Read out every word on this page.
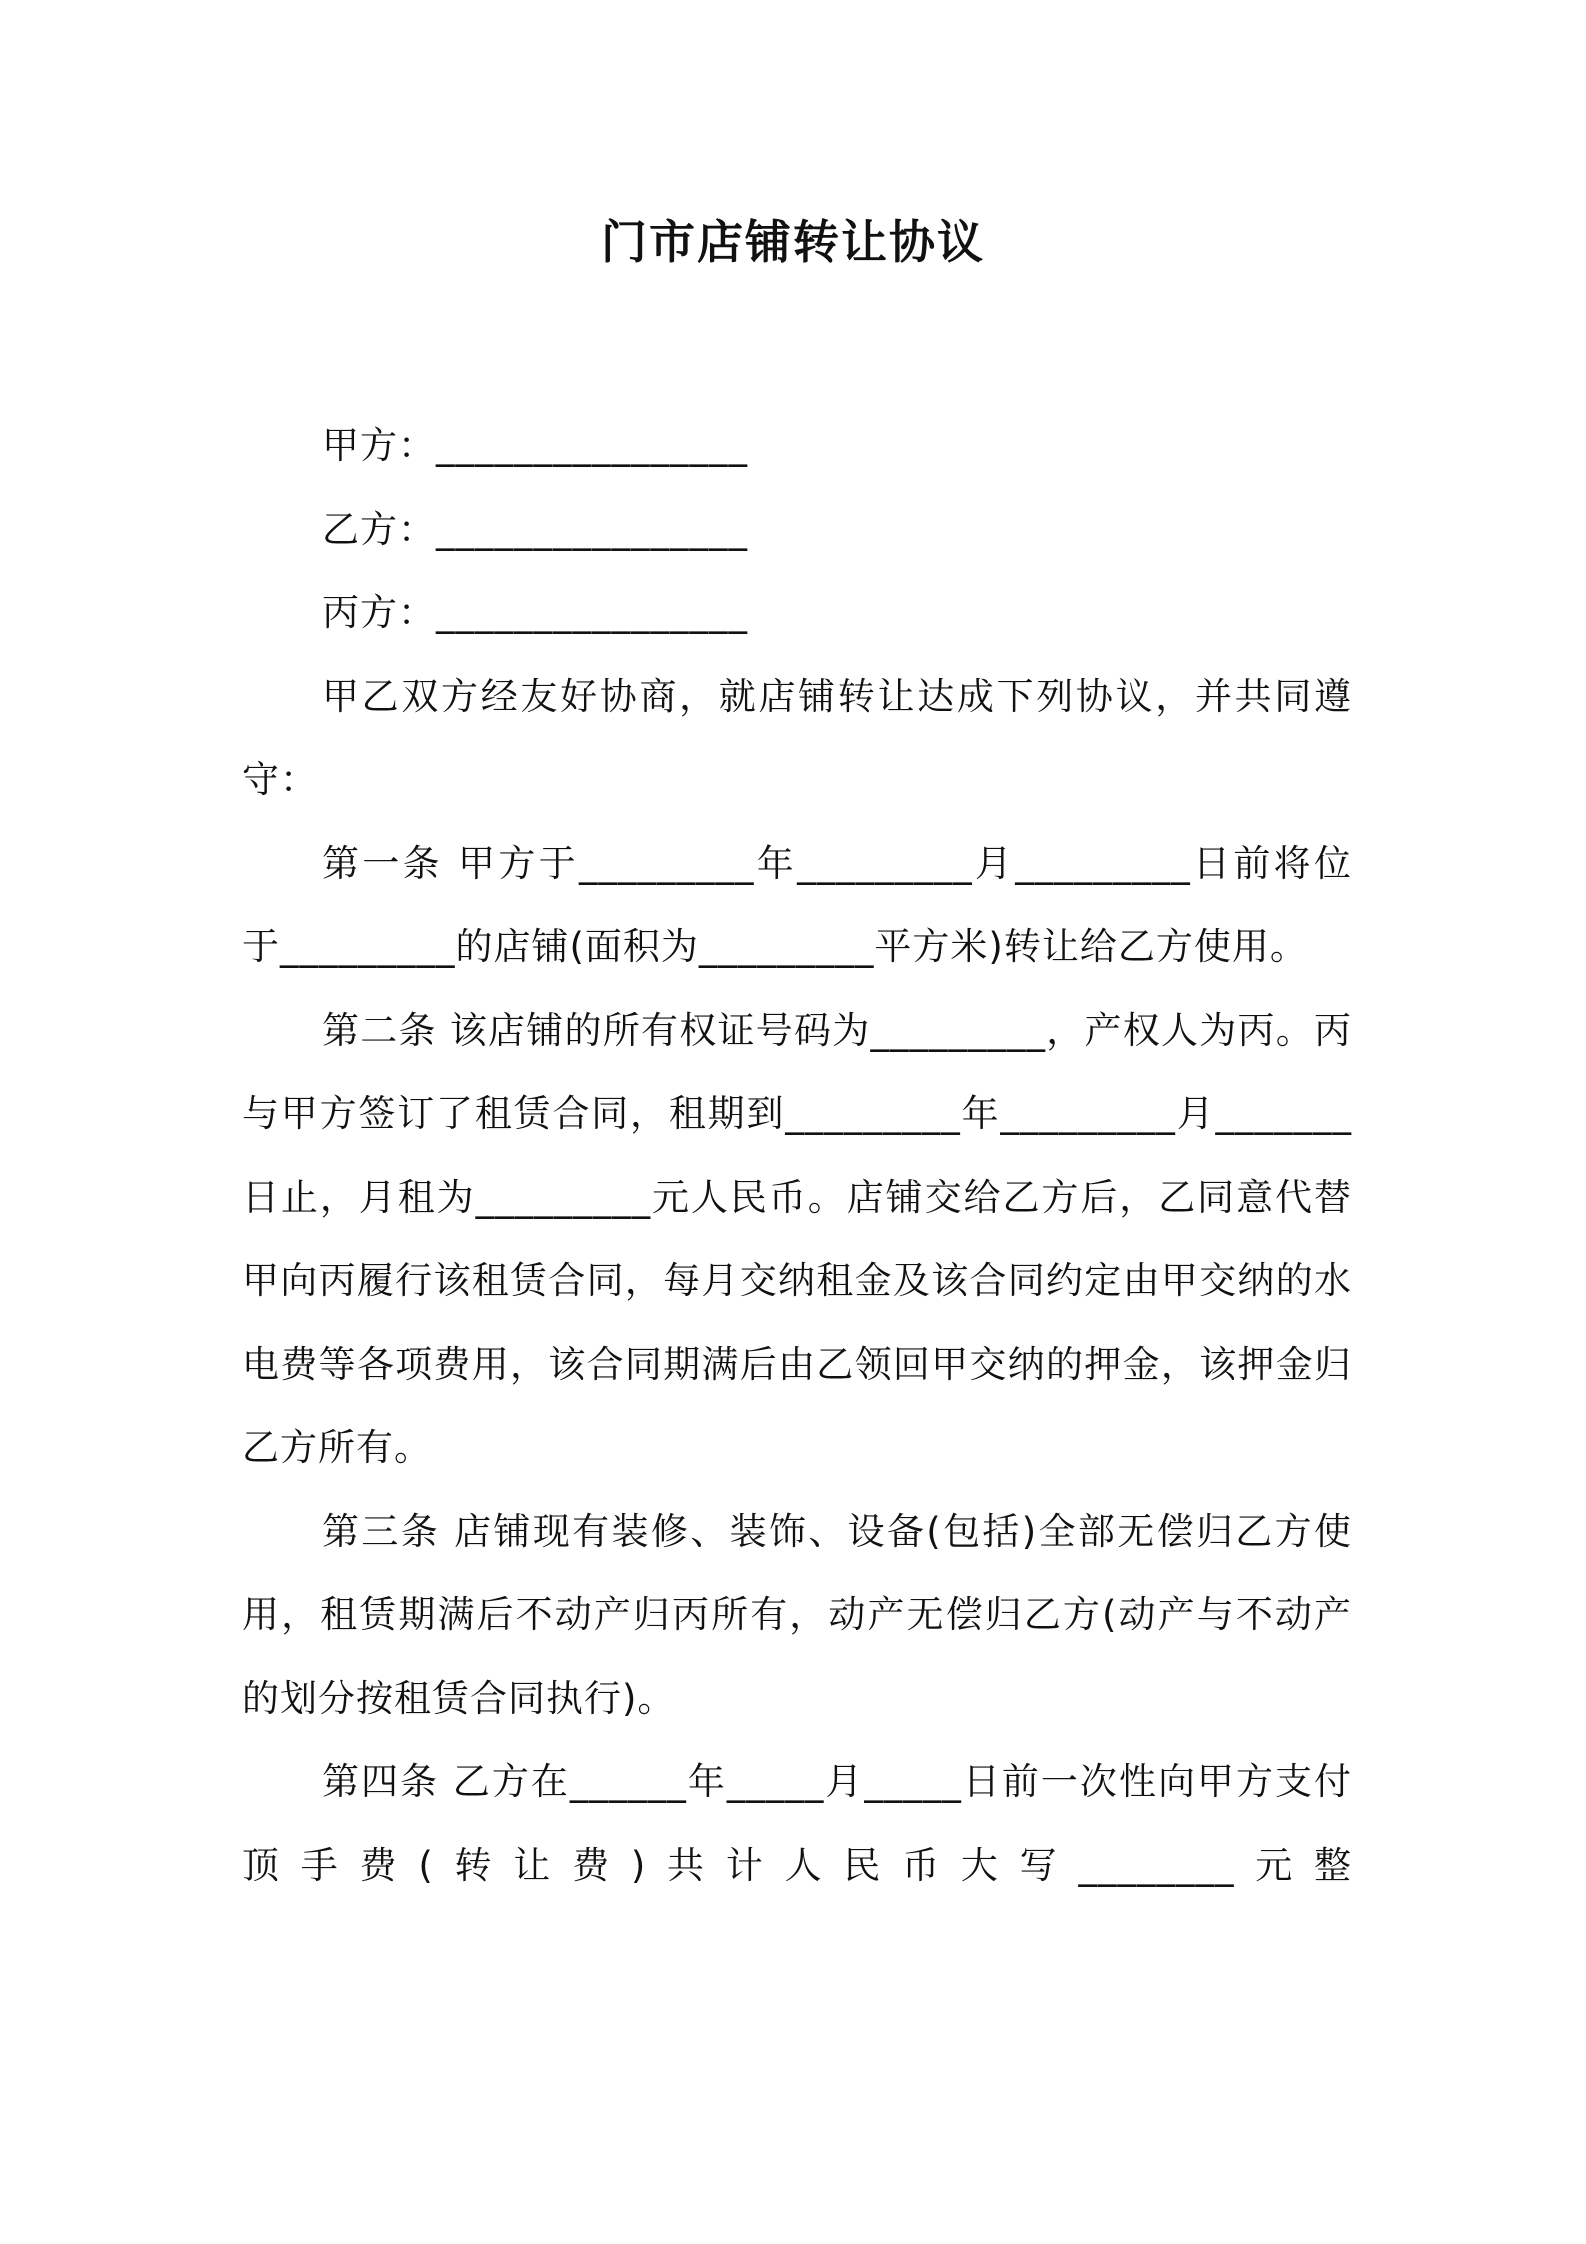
门市店铺转让协议

甲方：________________

乙方：________________

丙方：________________

甲乙双方经友好协商，就店铺转让达成下列协议，并共同遵守：

第一条 甲方于_________年_________月_________日前将位于_________的店铺(面积为_________平方米)转让给乙方使用。

第二条 该店铺的所有权证号码为_________，产权人为丙。丙与甲方签订了租赁合同，租期到_________年_________月_______日止，月租为_________元人民币。店铺交给乙方后，乙同意代替甲向丙履行该租赁合同，每月交纳租金及该合同约定由甲交纳的水电费等各项费用，该合同期满后由乙领回甲交纳的押金，该押金归乙方所有。

第三条 店铺现有装修、装饰、设备(包括)全部无偿归乙方使用，租赁期满后不动产归丙所有，动产无偿归乙方(动产与不动产的划分按租赁合同执行)。

第四条 乙方在______年_____月_____日前一次性向甲方支付顶手费(转让费)共计人民币大写________元整
